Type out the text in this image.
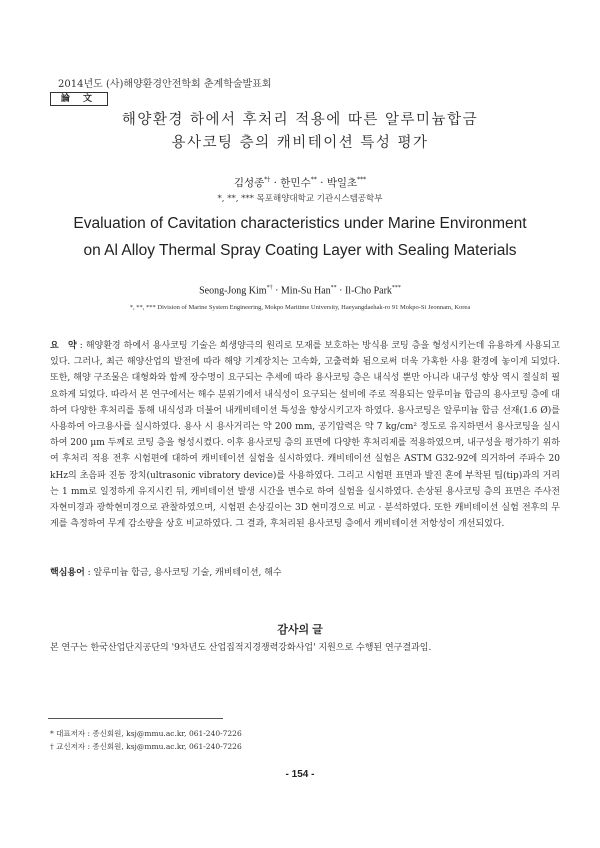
2014년도 (사)해양환경안전학회 춘계학술발표회
論 文
해양환경 하에서 후처리 적용에 따른 알루미늄합금
용사코팅 층의 캐비테이션 특성 평가
김성종*† · 한민수** · 박일초***
*, **, *** 목포해양대학교 기관시스템공학부
Evaluation of Cavitation characteristics under Marine Environment
on Al Alloy Thermal Spray Coating Layer with Sealing Materials
Seong-Jong Kim*† · Min-Su Han** · Il-Cho Park***
*, **, *** Division of Marine System Engineering, Mokpo Maritime University, Haeyangdaehak-ro 91 Mokpo-Si Jeonnam, Korea
요　약 : 해양환경 하에서 용사코팅 기술은 희생양극의 원리로 모재를 보호하는 방식용 코팅 층을 형성시키는데 유용하게 사용되고 있다. 그러나, 최근 해양산업의 발전에 따라 해양 기계장치는 고속화, 고출력화 됨으로써 더욱 가혹한 사용 환경에 놓이게 되었다. 또한, 해양 구조물은 대형화와 함께 장수명이 요구되는 추세에 따라 용사코팅 층은 내식성 뿐만 아니라 내구성 향상 역시 절실히 필요하게 되었다. 따라서 본 연구에서는 해수 분위기에서 내식성이 요구되는 설비에 주로 적용되는 알루미늄 합금의 용사코팅 층에 대하여 다양한 후처리를 통해 내식성과 더불어 내캐비테이션 특성을 향상시키고자 하였다. 용사코팅은 알루미늄 합금 선재(1.6 Ø)를 사용하여 아크용사를 실시하였다. 용사 시 용사거리는 약 200 mm, 공기압력은 약 7 kg/cm² 정도로 유지하면서 용사코팅을 실시하여 200 μm 두께로 코팅 층을 형성시켰다. 이후 용사코팅 층의 표면에 다양한 후처리제를 적용하였으며, 내구성을 평가하기 위하여 후처리 적용 전후 시험편에 대하여 캐비테이션 실험을 실시하였다. 캐비테이션 실험은 ASTM G32-92에 의거하여 주파수 20 kHz의 초음파 진동 장치(ultrasonic vibratory device)를 사용하였다. 그리고 시험편 표면과 발진 혼에 부착된 팁(tip)과의 거리는 1 mm로 일정하게 유지시킨 뒤, 캐비테이션 발생 시간을 변수로 하여 실험을 실시하였다. 손상된 용사코팅 층의 표면은 주사전자현미경과 광학현미경으로 관찰하였으며, 시험편 손상깊이는 3D 현미경으로 비교 · 분석하였다. 또한 캐비테이션 실험 전후의 무게를 측정하여 무게 감소량을 상호 비교하였다. 그 결과, 후처리된 용사코팅 층에서 캐비테이션 저항성이 개선되었다.
핵심용어 : 알루미늄 합금, 용사코팅 기술, 캐비테이션, 해수
감사의 글
본 연구는 한국산업단지공단의 '9차년도 산업집적지경쟁력강화사업' 지원으로 수행된 연구결과임.
* 대표저자 : 종신회원, ksj@mmu.ac.kr, 061-240-7226
† 교신저자 : 종신회원, ksj@mmu.ac.kr, 061-240-7226
- 154 -
